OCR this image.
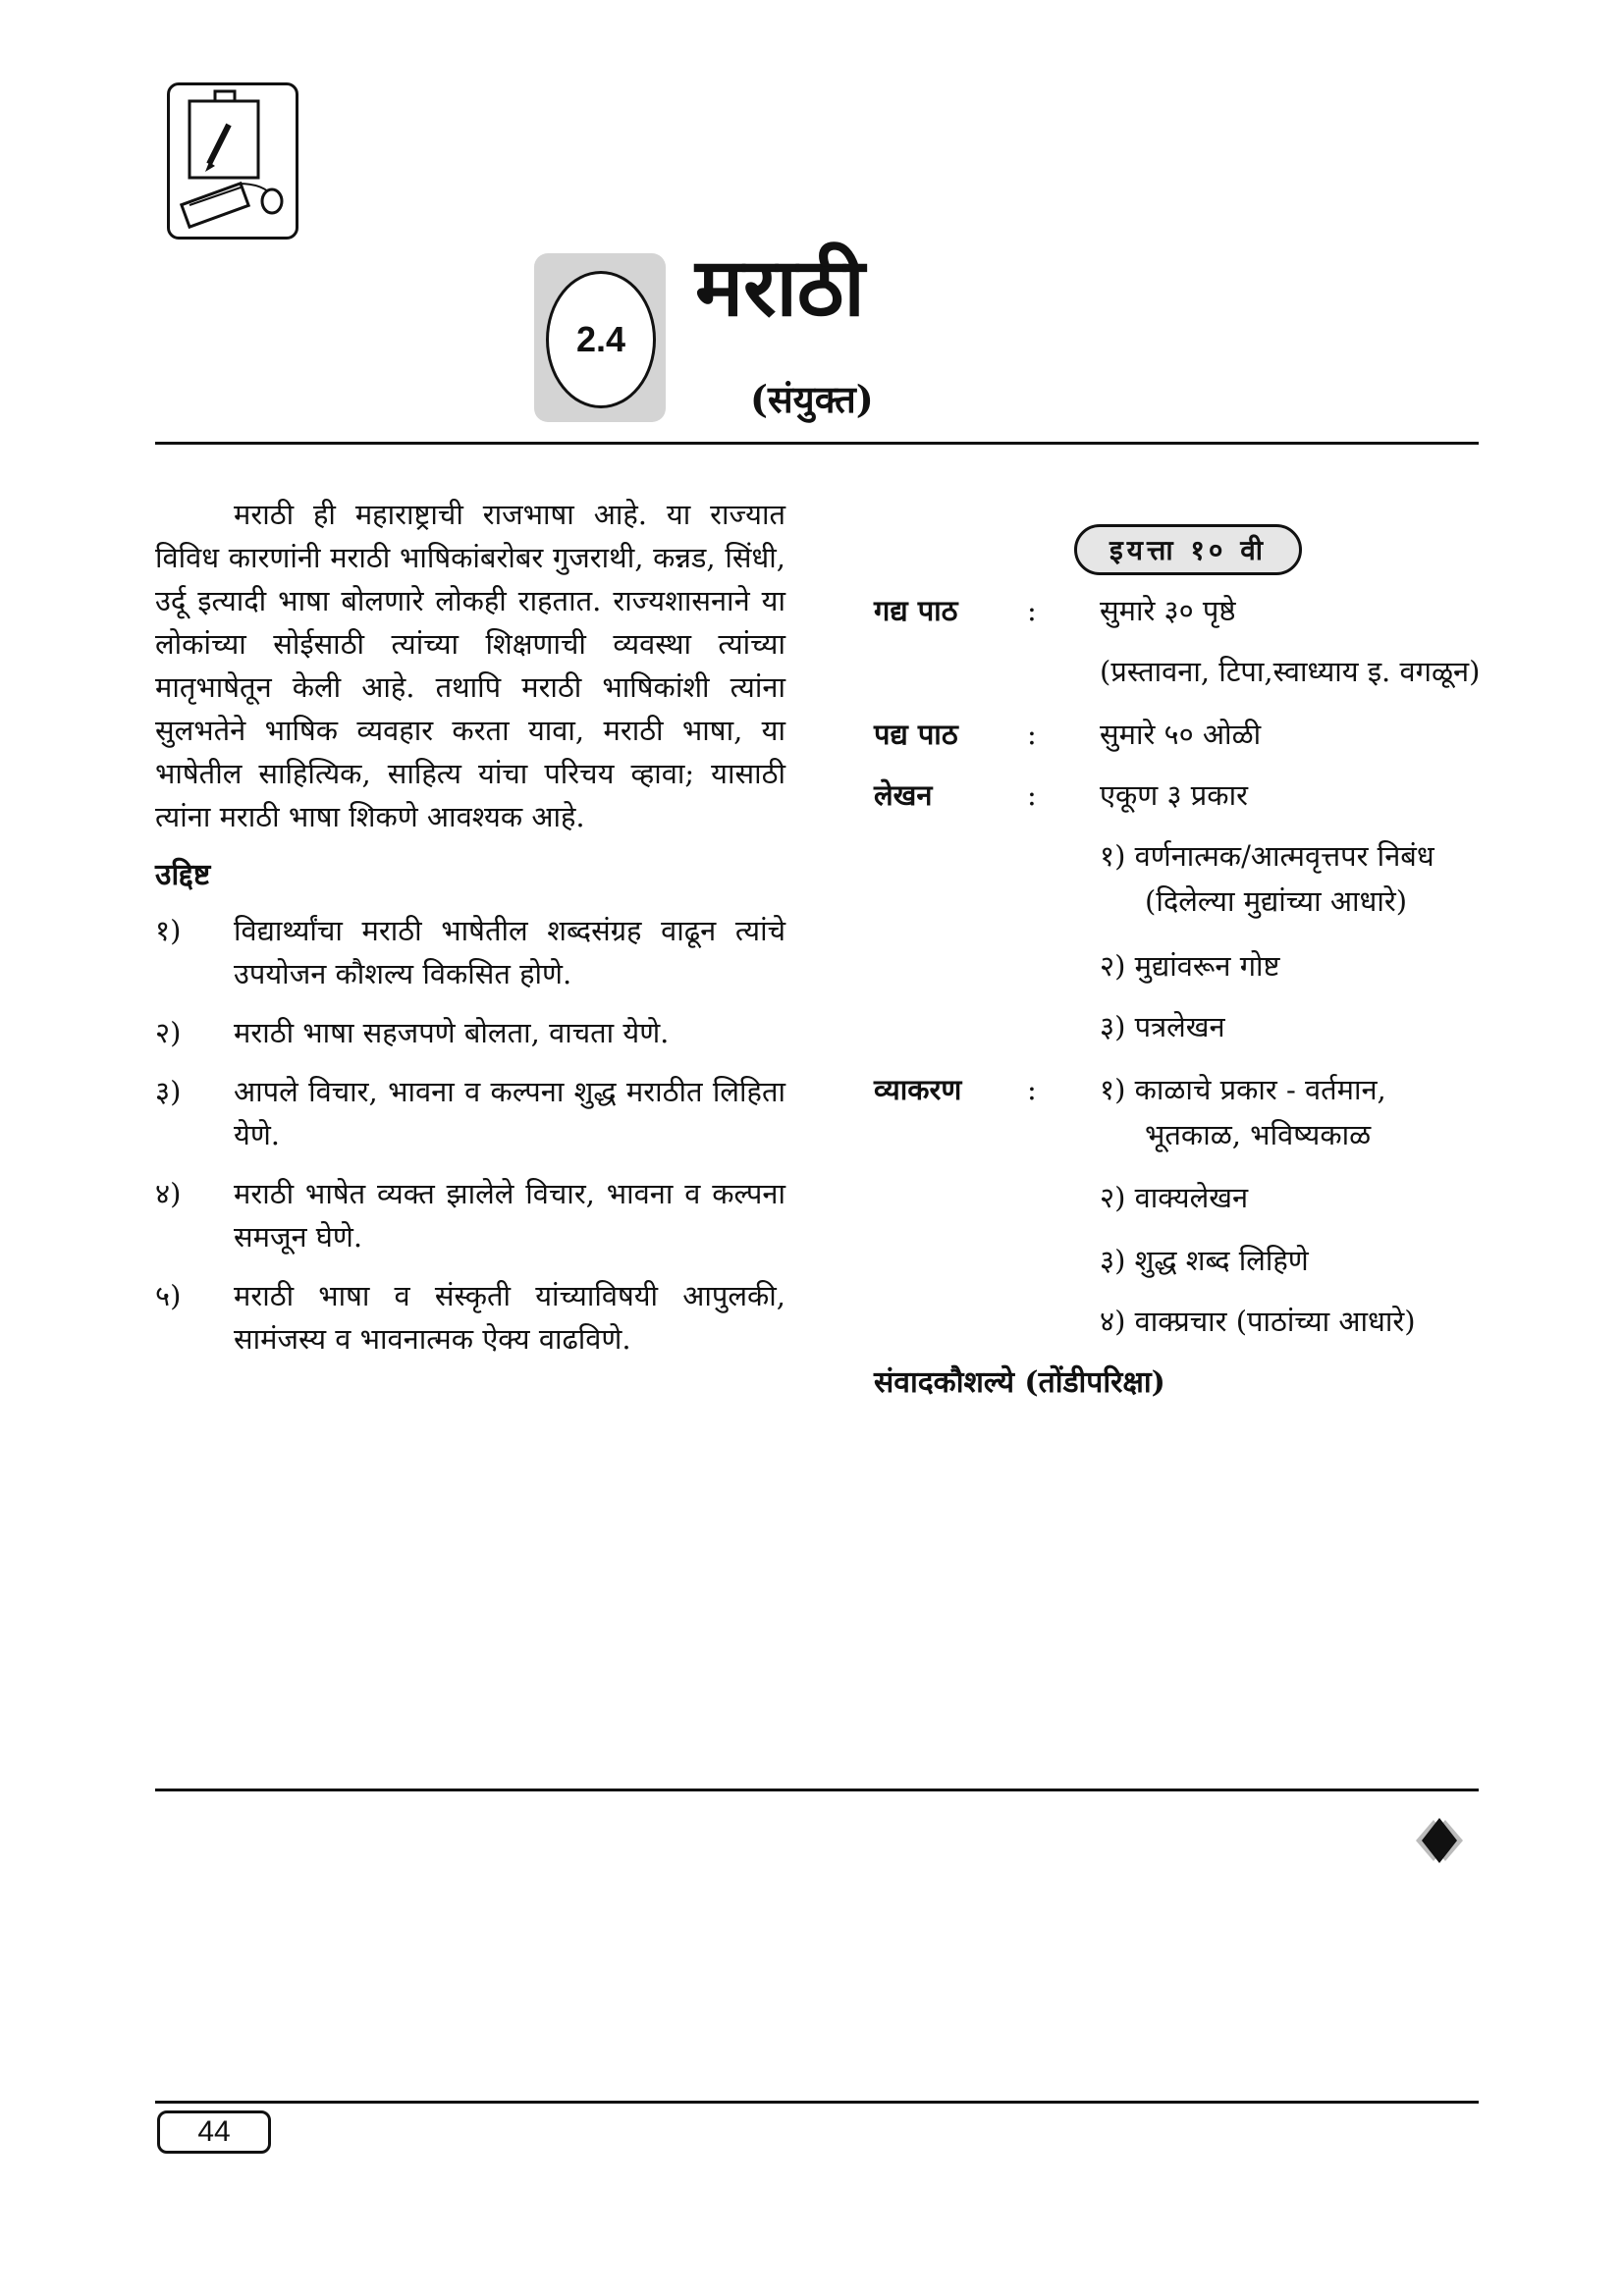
2.4
मराठी
(संयुक्त)

मराठी ही महाराष्ट्राची राजभाषा आहे. या राज्यात विविध कारणांनी मराठी भाषिकांबरोबर गुजराथी, कन्नड, सिंधी, उर्दू इत्यादी भाषा बोलणारे लोकही राहतात. राज्यशासनाने या लोकांच्या सोईसाठी त्यांच्या शिक्षणाची व्यवस्था त्यांच्या मातृभाषेतून केली आहे. तथापि मराठी भाषिकांशी त्यांना सुलभतेने भाषिक व्यवहार करता यावा, मराठी भाषा, या भाषेतील साहित्यिक, साहित्य यांचा परिचय व्हावा; यासाठी त्यांना मराठी भाषा शिकणे आवश्यक आहे.

उद्दिष्ट
१)	विद्यार्थ्यांचा मराठी भाषेतील शब्दसंग्रह वाढून त्यांचे उपयोजन कौशल्य विकसित होणे.
२)	मराठी भाषा सहजपणे बोलता, वाचता येणे.
३)	आपले विचार, भावना व कल्पना शुद्ध मराठीत लिहिता येणे.
४)	मराठी भाषेत व्यक्त झालेले विचार, भावना व कल्पना समजून घेणे.
५)	मराठी भाषा व संस्कृती यांच्याविषयी आपुलकी, सामंजस्य व भावनात्मक ऐक्य वाढविणे.
इयत्ता १० वी
गद्य पाठ	: सुमारे ३० पृष्ठे
(प्रस्तावना, टिपा,स्वाध्याय इ. वगळून)
पद्य पाठ	: सुमारे ५० ओळी
लेखन	: एकूण ३ प्रकार
१) वर्णनात्मक/आत्मवृत्तपर निबंध
(दिलेल्या मुद्यांच्या आधारे)
२) मुद्यांवरून गोष्ट
३) पत्रलेखन
व्याकरण	: १) काळाचे प्रकार - वर्तमान,
भूतकाळ, भविष्यकाळ
२) वाक्यलेखन
३) शुद्ध शब्द लिहिणे
४) वाक्प्रचार (पाठांच्या आधारे)
संवादकौशल्ये (तोंडीपरिक्षा)
44
